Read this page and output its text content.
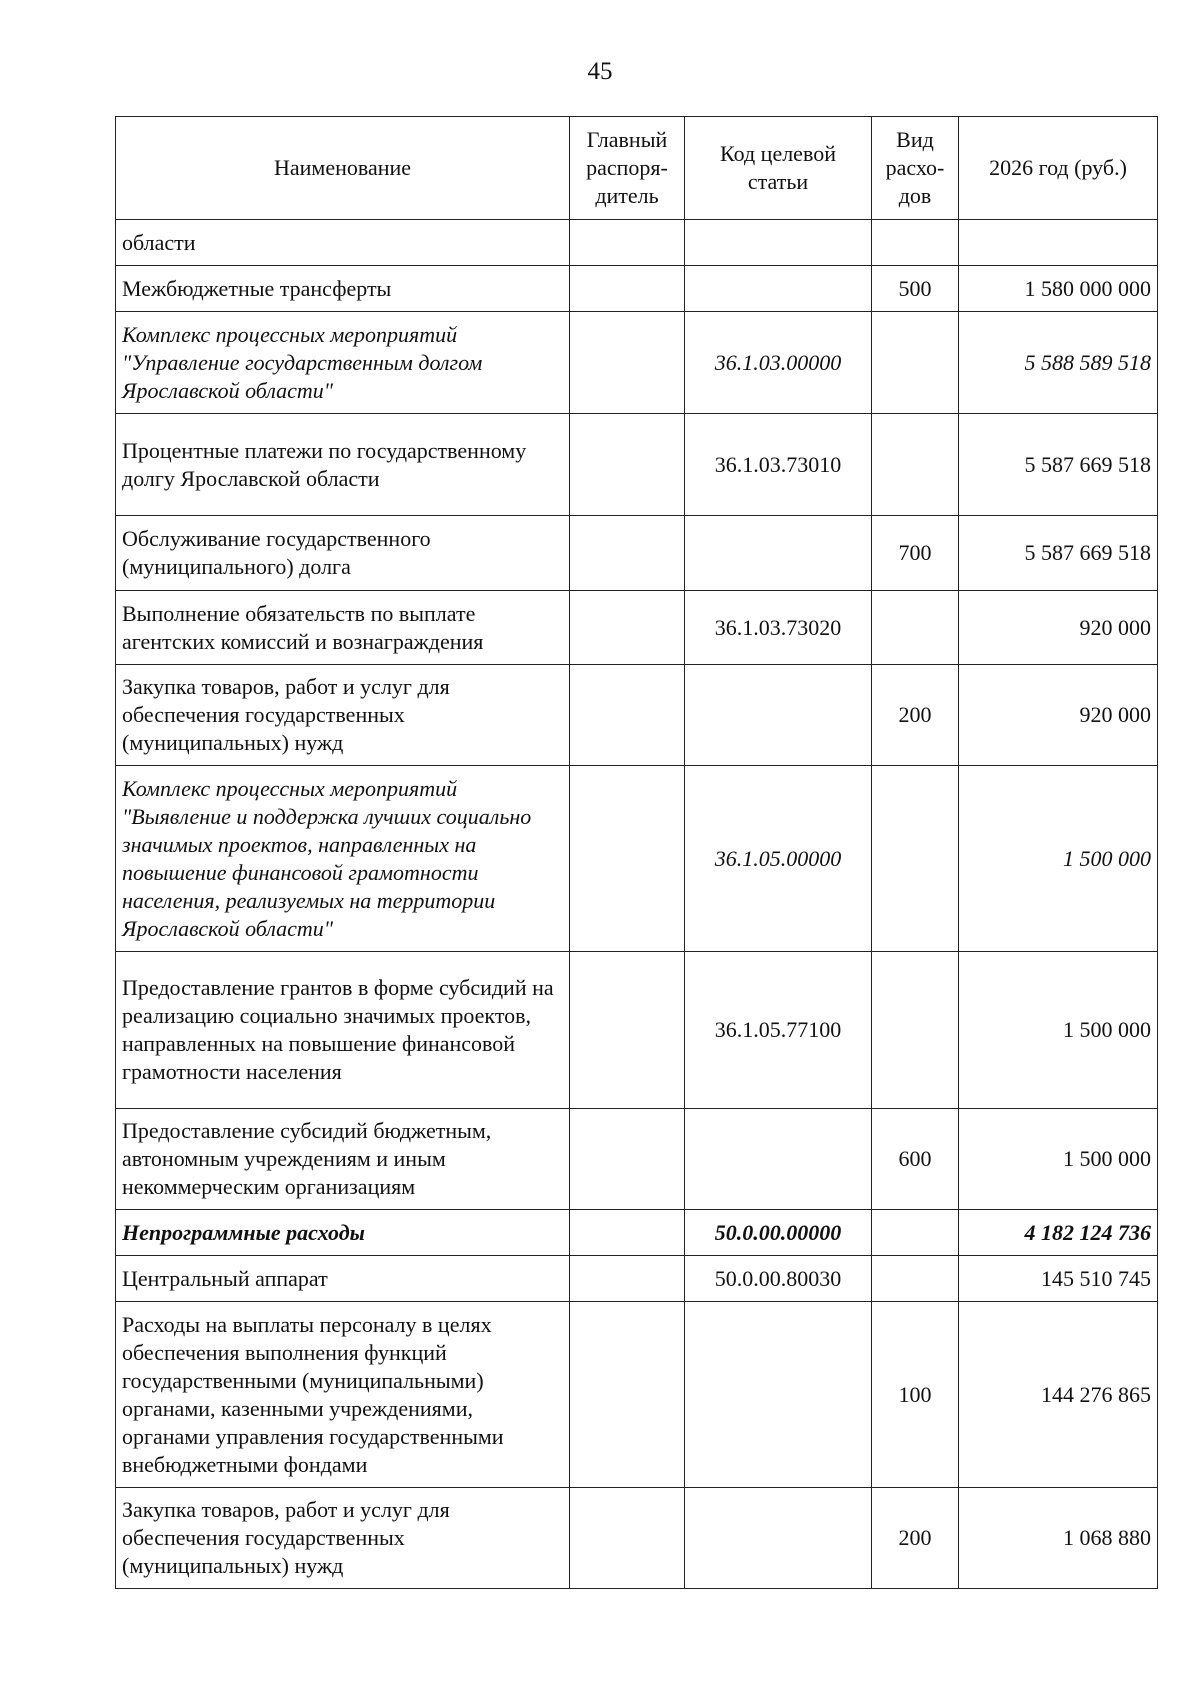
45
Наименование	Главный распоря-дитель	Код целевой статьи	Вид расхо-дов	2026 год (руб.)
области				
Межбюджетные трансферты			500	1 580 000 000
Комплекс процессных мероприятий "Управление государственным долгом Ярославской области"		36.1.03.00000		5 588 589 518
Процентные платежи по государственному долгу Ярославской области		36.1.03.73010		5 587 669 518
Обслуживание государственного (муниципального) долга			700	5 587 669 518
Выполнение обязательств по выплате агентских комиссий и вознаграждения		36.1.03.73020		920 000
Закупка товаров, работ и услуг для обеспечения государственных (муниципальных) нужд			200	920 000
Комплекс процессных мероприятий "Выявление и поддержка лучших социально значимых проектов, направленных на повышение финансовой грамотности населения, реализуемых на территории Ярославской области"		36.1.05.00000		1 500 000
Предоставление грантов в форме субсидий на реализацию социально значимых проектов, направленных на повышение финансовой грамотности населения		36.1.05.77100		1 500 000
Предоставление субсидий бюджетным, автономным учреждениям и иным некоммерческим организациям			600	1 500 000
Непрограммные расходы		50.0.00.00000		4 182 124 736
Центральный аппарат		50.0.00.80030		145 510 745
Расходы на выплаты персоналу в целях обеспечения выполнения функций государственными (муниципальными) органами, казенными учреждениями, органами управления государственными внебюджетными фондами			100	144 276 865
Закупка товаров, работ и услуг для обеспечения государственных (муниципальных) нужд			200	1 068 880
